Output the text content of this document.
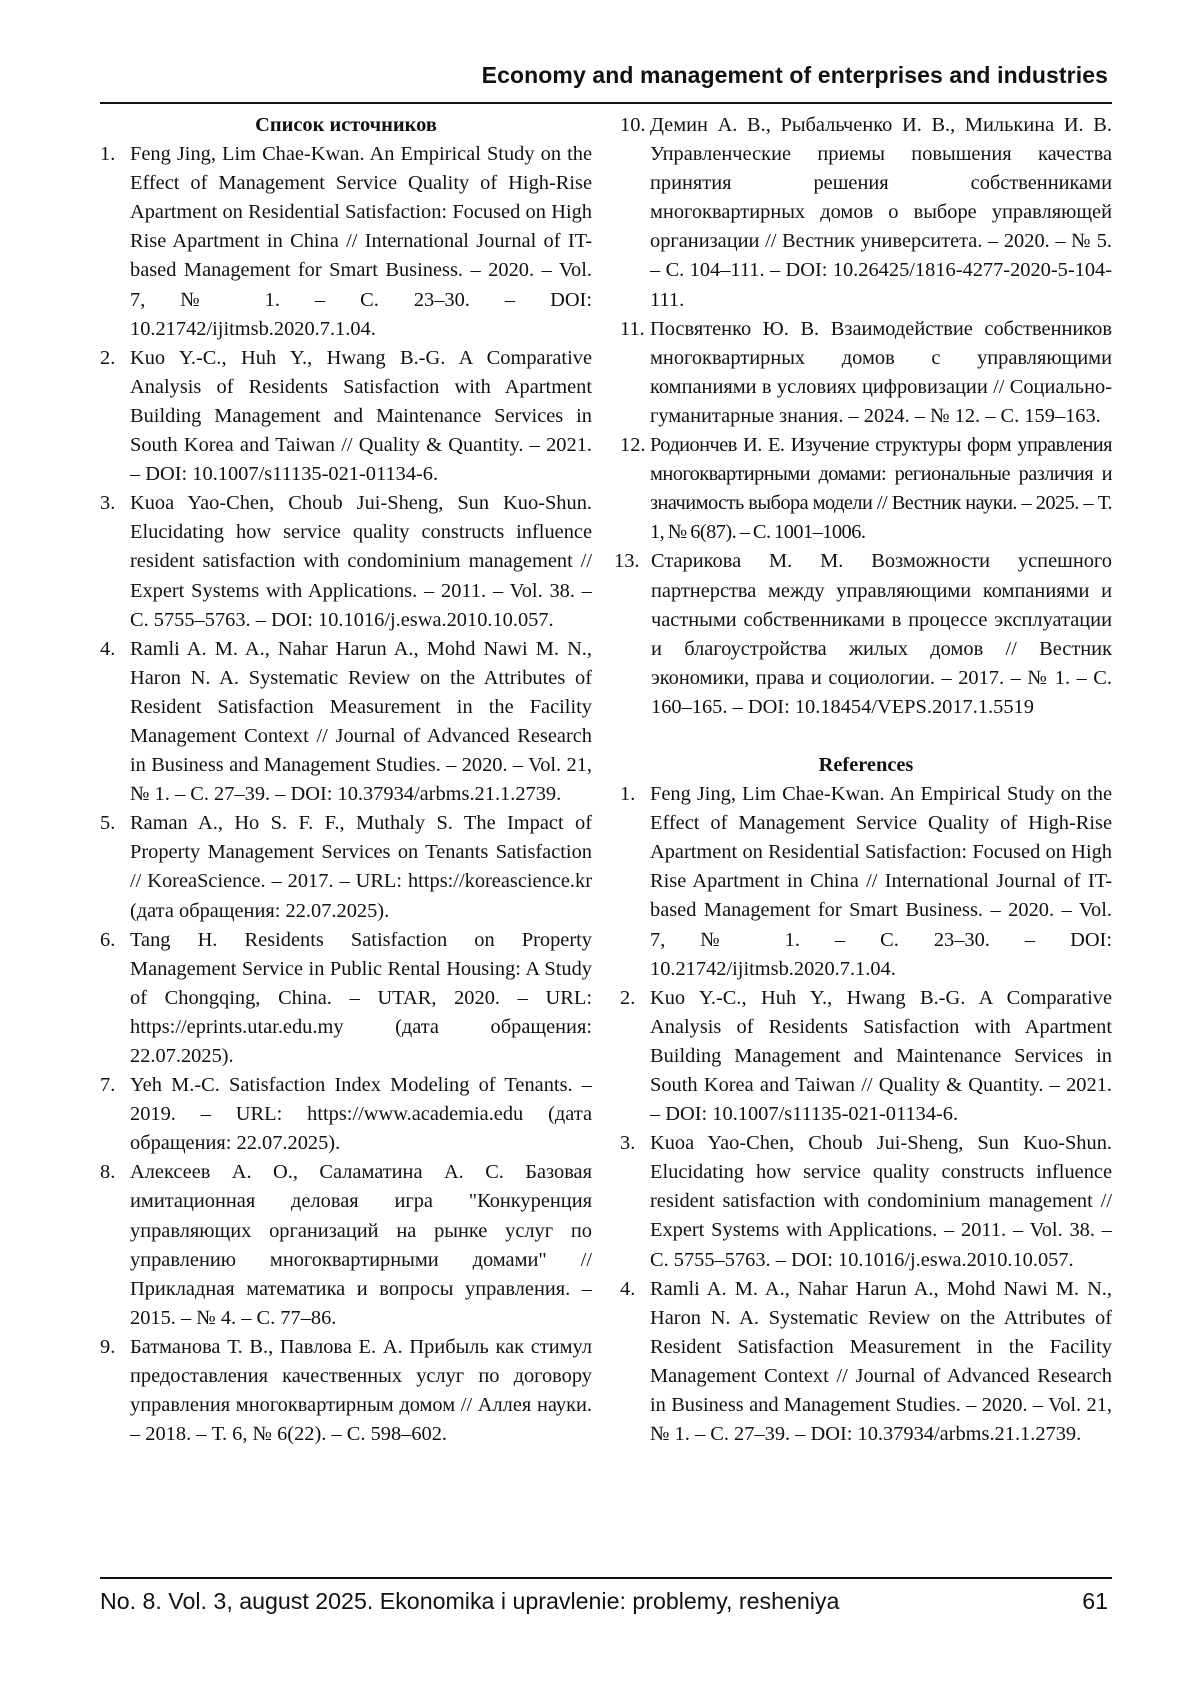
Economy and management of enterprises and industries
Список источников
1. Feng Jing, Lim Chae-Kwan. An Empirical Study on the Effect of Management Service Quality of High-Rise Apartment on Residential Satisfaction: Focused on High Rise Apartment in China // International Journal of IT-based Management for Smart Business. – 2020. – Vol. 7, № 1. – C. 23–30. – DOI: 10.21742/ijitmsb.2020.7.1.04.
2. Kuo Y.-C., Huh Y., Hwang B.-G. A Comparative Analysis of Residents Satisfaction with Apartment Building Management and Maintenance Services in South Korea and Taiwan // Quality & Quantity. – 2021. – DOI: 10.1007/s11135-021-01134-6.
3. Kuoa Yao-Chen, Choub Jui-Sheng, Sun Kuo-Shun. Elucidating how service quality constructs influence resident satisfaction with condominium management // Expert Systems with Applications. – 2011. – Vol. 38. – C. 5755–5763. – DOI: 10.1016/j.eswa.2010.10.057.
4. Ramli A. M. A., Nahar Harun A., Mohd Nawi M. N., Haron N. A. Systematic Review on the Attributes of Resident Satisfaction Measurement in the Facility Management Context // Journal of Advanced Research in Business and Management Studies. – 2020. – Vol. 21, № 1. – C. 27–39. – DOI: 10.37934/arbms.21.1.2739.
5. Raman A., Ho S. F. F., Muthaly S. The Impact of Property Management Services on Tenants Satisfaction // KoreaScience. – 2017. – URL: https://koreascience.kr (дата обращения: 22.07.2025).
6. Tang H. Residents Satisfaction on Property Management Service in Public Rental Housing: A Study of Chongqing, China. – UTAR, 2020. – URL: https://eprints.utar.edu.my (дата обращения: 22.07.2025).
7. Yeh M.-C. Satisfaction Index Modeling of Tenants. – 2019. – URL: https://www.academia.edu (дата обращения: 22.07.2025).
8. Алексеев А. О., Саламатина А. С. Базовая имитационная деловая игра "Конкуренция управляющих организаций на рынке услуг по управлению многоквартирными домами" // Прикладная математика и вопросы управления. – 2015. – № 4. – С. 77–86.
9. Батманова Т. В., Павлова Е. А. Прибыль как стимул предоставления качественных услуг по договору управления многоквартирным домом // Аллея науки. – 2018. – Т. 6, № 6(22). – С. 598–602.
10. Демин А. В., Рыбальченко И. В., Милькина И. В. Управленческие приемы повышения качества принятия решения собственниками многоквартирных домов о выборе управляющей организации // Вестник университета. – 2020. – № 5. – С. 104–111. – DOI: 10.26425/1816-4277-2020-5-104-111.
11. Посвятенко Ю. В. Взаимодействие собственников многоквартирных домов с управляющими компаниями в условиях цифровизации // Социально-гуманитарные знания. – 2024. – № 12. – С. 159–163.
12. Родиончев И. Е. Изучение структуры форм управления многоквартирными домами: региональные различия и значимость выбора модели // Вестник науки. – 2025. – Т. 1, № 6(87). – С. 1001–1006.
13. Старикова М. М. Возможности успешного партнерства между управляющими компаниями и частными собственниками в процессе эксплуатации и благоустройства жилых домов // Вестник экономики, права и социологии. – 2017. – № 1. – С. 160–165. – DOI: 10.18454/VEPS.2017.1.5519
References
1. Feng Jing, Lim Chae-Kwan. An Empirical Study on the Effect of Management Service Quality of High-Rise Apartment on Residential Satisfaction: Focused on High Rise Apartment in China // International Journal of IT-based Management for Smart Business. – 2020. – Vol. 7, № 1. – C. 23–30. – DOI: 10.21742/ijitmsb.2020.7.1.04.
2. Kuo Y.-C., Huh Y., Hwang B.-G. A Comparative Analysis of Residents Satisfaction with Apartment Building Management and Maintenance Services in South Korea and Taiwan // Quality & Quantity. – 2021. – DOI: 10.1007/s11135-021-01134-6.
3. Kuoa Yao-Chen, Choub Jui-Sheng, Sun Kuo-Shun. Elucidating how service quality constructs influence resident satisfaction with condominium management // Expert Systems with Applications. – 2011. – Vol. 38. – C. 5755–5763. – DOI: 10.1016/j.eswa.2010.10.057.
4. Ramli A. M. A., Nahar Harun A., Mohd Nawi M. N., Haron N. A. Systematic Review on the Attributes of Resident Satisfaction Measurement in the Facility Management Context // Journal of Advanced Research in Business and Management Studies. – 2020. – Vol. 21, № 1. – C. 27–39. – DOI: 10.37934/arbms.21.1.2739.
No. 8. Vol. 3, august 2025. Ekonomika i upravlenie: problemy, resheniya	61
